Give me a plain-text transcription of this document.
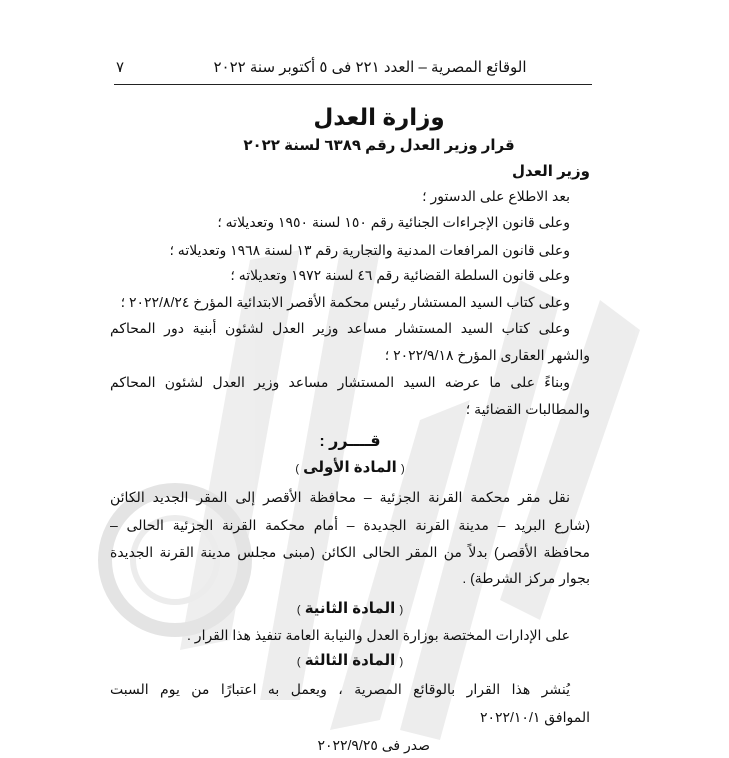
٧	الوقائع المصرية – العدد ٢٢١ فى ٥ أكتوبر سنة ٢٠٢٢
وزارة العدل
قرار وزير العدل رقم ٦٣٨٩ لسنة ٢٠٢٢
وزير العدل
بعد الاطلاع على الدستور ؛
وعلى قانون الإجراءات الجنائية رقم ١٥٠ لسنة ١٩٥٠ وتعديلاته ؛
وعلى قانون المرافعات المدنية والتجارية رقم ١٣ لسنة ١٩٦٨ وتعديلاته ؛
وعلى قانون السلطة القضائية رقم ٤٦ لسنة ١٩٧٢ وتعديلاته ؛
وعلى كتاب السيد المستشار رئيس محكمة الأقصر الابتدائية المؤرخ ٢٠٢٢/٨/٢٤ ؛
وعلى كتاب السيد المستشار مساعد وزير العدل لشئون أبنية دور المحاكم
والشهر العقارى المؤرخ ٢٠٢٢/٩/١٨ ؛
وبناءً على ما عرضه السيد المستشار مساعد وزير العدل لشئون المحاكم
والمطالبات القضائية ؛
قــــرر :
( المادة الأولى )
نقل مقر محكمة القرنة الجزئية – محافظة الأقصر إلى المقر الجديد الكائن
(شارع البريد – مدينة القرنة الجديدة – أمام محكمة القرنة الجزئية الحالى –
محافظة الأقصر) بدلاً من المقر الحالى الكائن (مبنى مجلس مدينة القرنة الجديدة
بجوار مركز الشرطة) .
( المادة الثانية )
على الإدارات المختصة بوزارة العدل والنيابة العامة تنفيذ هذا القرار .
( المادة الثالثة )
يُنشر هذا القرار بالوقائع المصرية ، ويعمل به اعتبارًا من يوم السبت
الموافق ٢٠٢٢/١٠/١
صدر فى ٢٠٢٢/٩/٢٥
